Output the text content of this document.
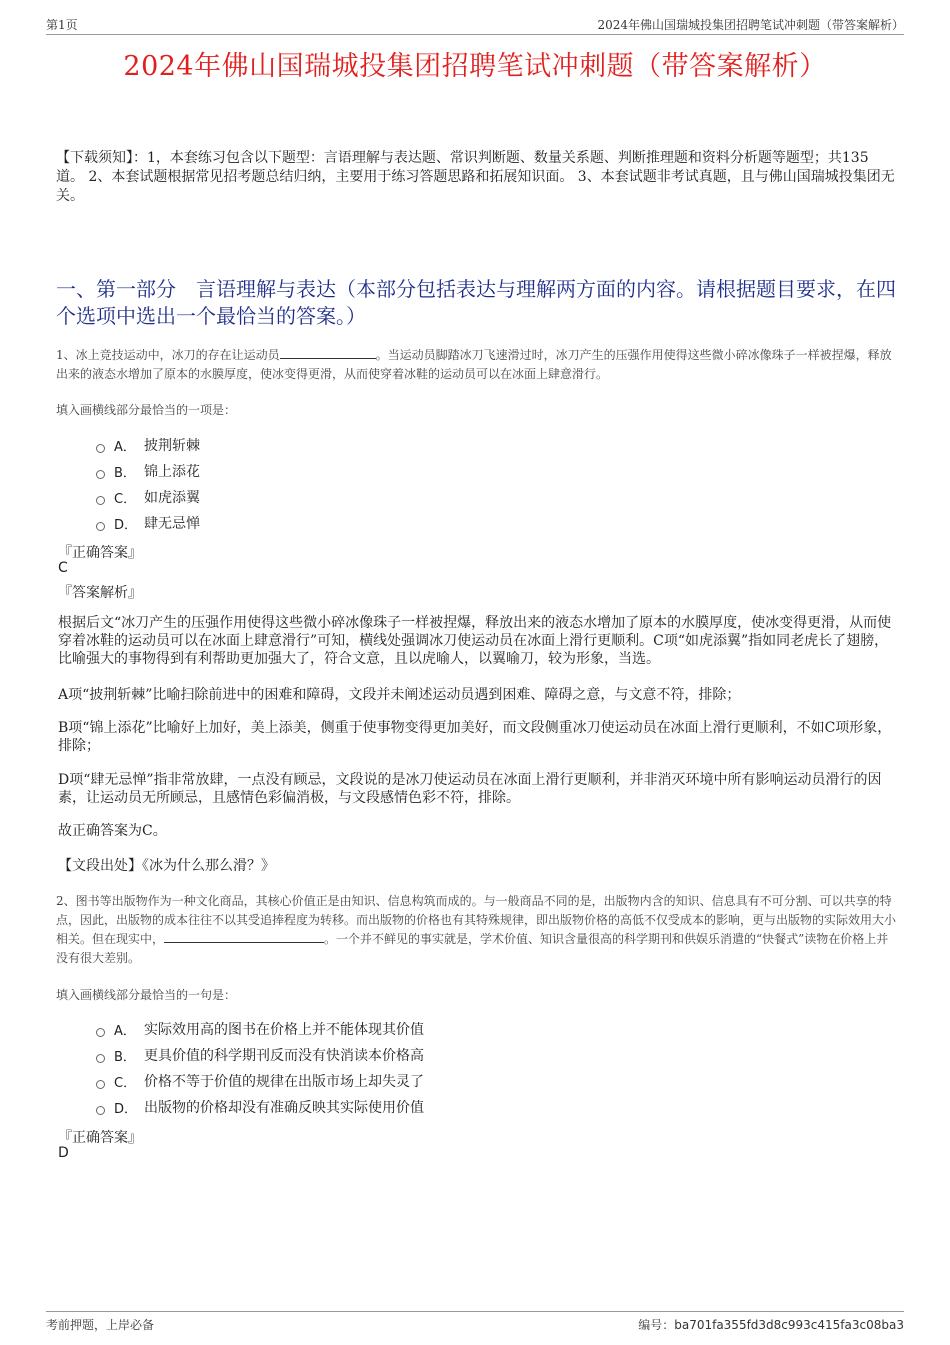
第1页	2024年佛山国瑞城投集团招聘笔试冲刺题（带答案解析）
2024年佛山国瑞城投集团招聘笔试冲刺题（带答案解析）
【下载须知】：1，本套练习包含以下题型：言语理解与表达题、常识判断题、数量关系题、判断推理题和资料分析题等题型；共135道。 2、本套试题根据常见招考题总结归纳，主要用于练习答题思路和拓展知识面。 3、本套试题非考试真题，且与佛山国瑞城投集团无关。
一、第一部分　言语理解与表达（本部分包括表达与理解两方面的内容。请根据题目要求，在四个选项中选出一个最恰当的答案。）
1、冰上竞技运动中，冰刀的存在让运动员	。当运动员脚踏冰刀飞速滑过时，冰刀产生的压强作用使得这些微小碎冰像珠子一样被捏爆，释放出来的液态水增加了原本的水膜厚度，使冰变得更滑，从而使穿着冰鞋的运动员可以在冰面上肆意滑行。
填入画横线部分最恰当的一项是：
A． 披荆斩棘
B． 锦上添花
C． 如虎添翼
D． 肆无忌惮
『正确答案』
C
『答案解析』
根据后文“冰刀产生的压强作用使得这些微小碎冰像珠子一样被捏爆，释放出来的液态水增加了原本的水膜厚度，使冰变得更滑，从而使穿着冰鞋的运动员可以在冰面上肆意滑行”可知，横线处强调冰刀使运动员在冰面上滑行更顺利。C项“如虎添翼”指如同老虎长了翅膀，比喻强大的事物得到有利帮助更加强大了，符合文意，且以虎喻人，以翼喻刀，较为形象，当选。
A项“披荆斩棘”比喻扫除前进中的困难和障碍，文段并未阐述运动员遇到困难、障碍之意，与文意不符，排除；
B项“锦上添花”比喻好上加好，美上添美，侧重于使事物变得更加美好，而文段侧重冰刀使运动员在冰面上滑行更顺利，不如C项形象，排除；
D项“肆无忌惮”指非常放肆，一点没有顾忌，文段说的是冰刀使运动员在冰面上滑行更顺利，并非消灭环境中所有影响运动员滑行的因素，让运动员无所顾忌，且感情色彩偏消极，与文段感情色彩不符，排除。
故正确答案为C。
【文段出处】《冰为什么那么滑？》
2、图书等出版物作为一种文化商品，其核心价值正是由知识、信息构筑而成的。与一般商品不同的是，出版物内含的知识、信息具有不可分割、可以共享的特点，因此，出版物的成本往往不以其受追捧程度为转移。而出版物的价格也有其特殊规律，即出版物价格的高低不仅受成本的影响，更与出版物的实际效用大小相关。但在现实中，	。一个并不鲜见的事实就是，学术价值、知识含量很高的科学期刊和供娱乐消遣的“快餐式”读物在价格上并没有很大差别。
填入画横线部分最恰当的一句是：
A． 实际效用高的图书在价格上并不能体现其价值
B． 更具价值的科学期刊反而没有快消读本价格高
C． 价格不等于价值的规律在出版市场上却失灵了
D． 出版物的价格却没有准确反映其实际使用价值
『正确答案』
D
考前押题，上岸必备	编号：ba701fa355fd3d8c993c415fa3c08ba3
